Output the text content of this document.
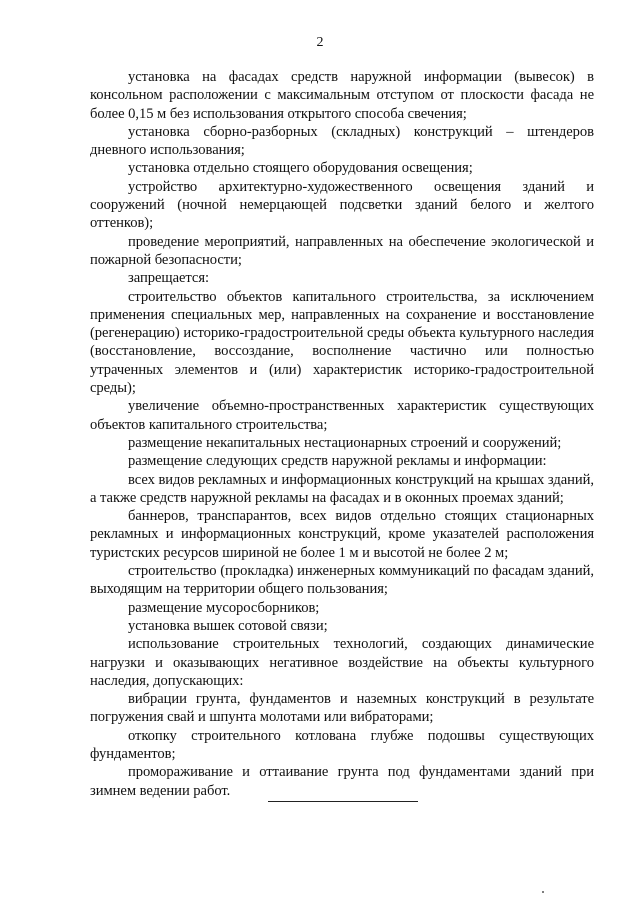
2

установка на фасадах средств наружной информации (вывесок) в консольном расположении с максимальным отступом от плоскости фасада не более 0,15 м без использования открытого способа свечения;

установка сборно-разборных (складных) конструкций – штендеров дневного использования;

установка отдельно стоящего оборудования освещения;

устройство архитектурно-художественного освещения зданий и сооружений (ночной немерцающей подсветки зданий белого и желтого оттенков);

проведение мероприятий, направленных на обеспечение экологической и пожарной безопасности;

запрещается:

строительство объектов капитального строительства, за исключением применения специальных мер, направленных на сохранение и восстановление (регенерацию) историко-градостроительной среды объекта культурного наследия (восстановление, воссоздание, восполнение частично или полностью утраченных элементов и (или) характеристик историко-градостроительной среды);

увеличение объемно-пространственных характеристик существующих объектов капитального строительства;

размещение некапитальных нестационарных строений и сооружений;

размещение следующих средств наружной рекламы и информации:

всех видов рекламных и информационных конструкций на крышах зданий, а также средств наружной рекламы на фасадах и в оконных проемах зданий;

баннеров, транспарантов, всех видов отдельно стоящих стационарных рекламных и информационных конструкций, кроме указателей расположения туристских ресурсов шириной не более 1 м и высотой не более 2 м;

строительство (прокладка) инженерных коммуникаций по фасадам зданий, выходящим на территории общего пользования;

размещение мусоросборников;

установка вышек сотовой связи;

использование строительных технологий, создающих динамические нагрузки и оказывающих негативное воздействие на объекты культурного наследия, допускающих:

вибрации грунта, фундаментов и наземных конструкций в результате погружения свай и шпунта молотами или вибраторами;

откопку строительного котлована глубже подошвы существующих фундаментов;

промораживание и оттаивание грунта под фундаментами зданий при зимнем ведении работ.
